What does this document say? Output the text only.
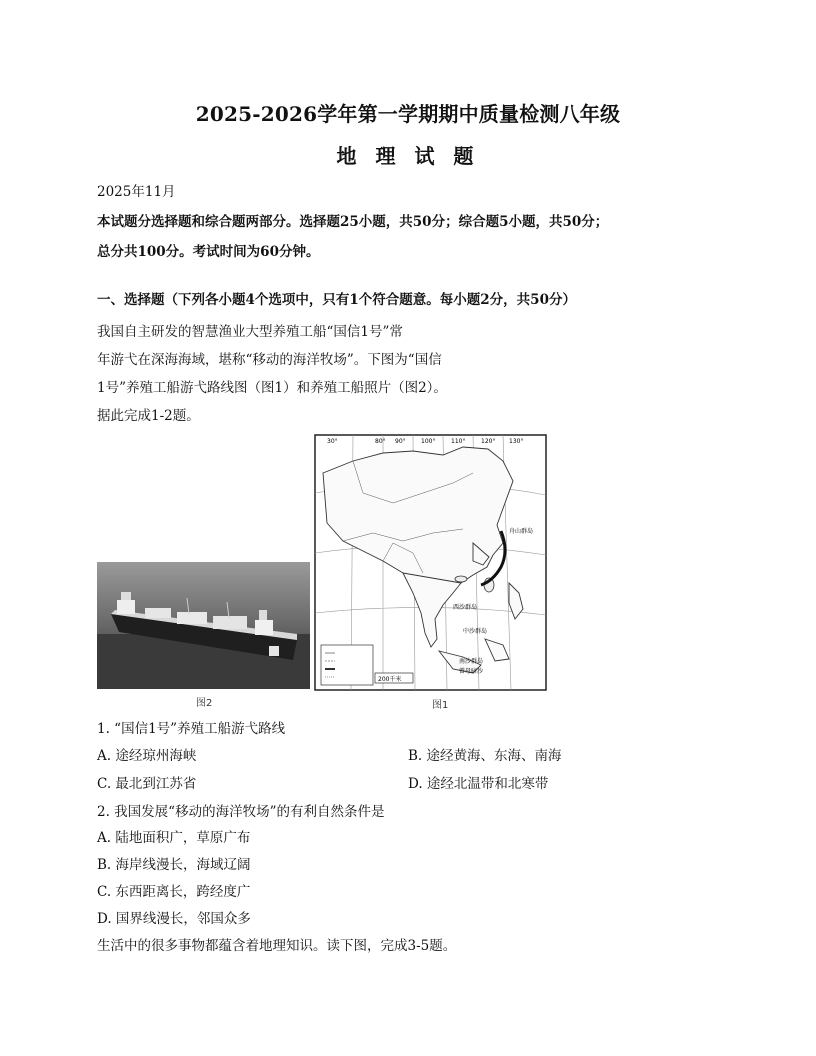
2025-2026学年第一学期期中质量检测八年级
地 理 试 题
2025年11月
本试题分选择题和综合题两部分。选择题25小题，共50分；综合题5小题，共50分；
总分共100分。考试时间为60分钟。
一、选择题（下列各小题4个选项中，只有1个符合题意。每小题2分，共50分）
我国自主研发的智慧渔业大型养殖工船“国信1号”常
年游弋在深海海域，堪称“移动的海洋牧场”。下图为“国信
1号”养殖工船游弋路线图（图1）和养殖工船照片（图2）。
据此完成1-2题。
图2
30°	80° 90°	100°	110°	120° 130°
舟山群岛
西沙群岛
中沙群岛
南沙群岛
曾母暗沙
200千米
图1
1. “国信1号”养殖工船游弋路线
A. 途经琼州海峡	B. 途经黄海、东海、南海
C. 最北到江苏省	D. 途经北温带和北寒带
2. 我国发展“移动的海洋牧场”的有利自然条件是
A. 陆地面积广，草原广布
B. 海岸线漫长，海域辽阔
C. 东西距离长，跨经度广
D. 国界线漫长，邻国众多
生活中的很多事物都蕴含着地理知识。读下图，完成3-5题。
